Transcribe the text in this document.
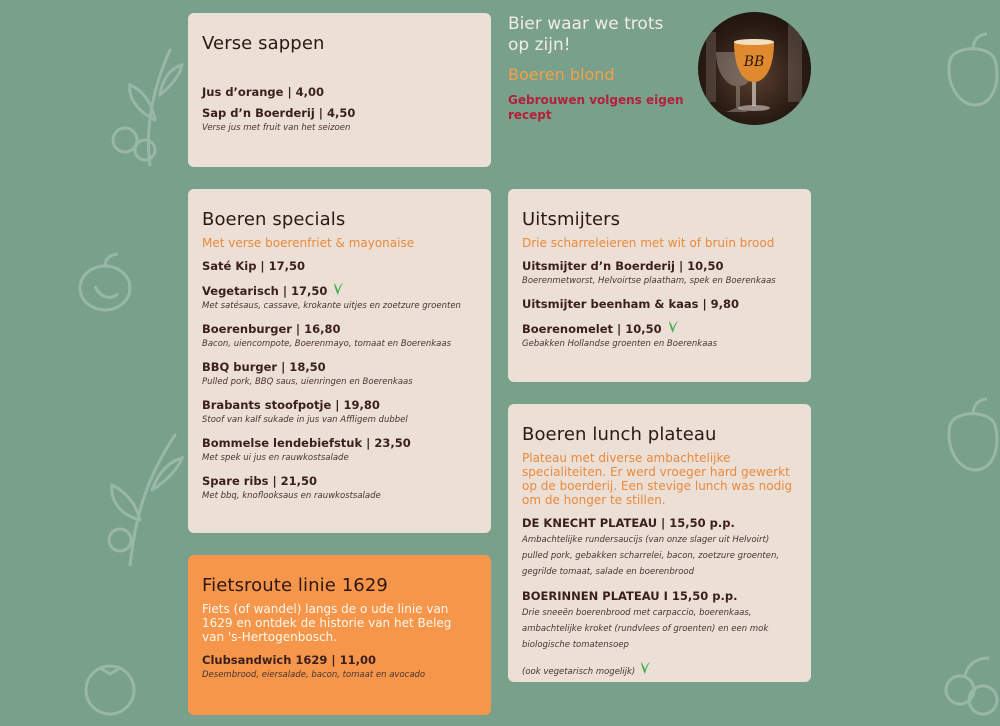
Verse sappen
Jus d’orange | 4,00
Sap d’n Boerderij | 4,50
Verse jus met fruit van het seizoen
Bier waar we trots op zijn!
Boeren blond
Gebrouwen volgens eigen recept
BB
Boeren specials
Met verse boerenfriet & mayonaise
Saté Kip | 17,50
Vegetarisch | 17,50
Met satésaus, cassave, krokante uitjes en zoetzure groenten
Boerenburger | 16,80
Bacon, uiencompote, Boerenmayo, tomaat en Boerenkaas
BBQ burger | 18,50
Pulled pork, BBQ saus, uienringen en Boerenkaas
Brabants stoofpotje | 19,80
Stoof van kalf sukade in jus van Affligem dubbel
Bommelse lendebiefstuk | 23,50
Met spek ui jus en rauwkostsalade
Spare ribs | 21,50
Met bbq, knoflooksaus en rauwkostsalade
Uitsmijters
Drie scharreleieren met wit of bruin brood
Uitsmijter d’n Boerderij | 10,50
Boerenmetworst, Helvoirtse plaatham, spek en Boerenkaas
Uitsmijter beenham & kaas | 9,80
Boerenomelet | 10,50
Gebakken Hollandse groenten en Boerenkaas
Boeren lunch plateau
Plateau met diverse ambachtelijke specialiteiten. Er werd vroeger hard gewerkt op de boerderij. Een stevige lunch was nodig om de honger te stillen.
DE KNECHT PLATEAU | 15,50 p.p.
Ambachtelijke rundersaucijs (van onze slager uit Helvoirt) pulled pork, gebakken scharrelei, bacon, zoetzure groenten, gegrilde tomaat, salade en boerenbrood
BOERINNEN PLATEAU I 15,50 p.p.
Drie sneeën boerenbrood met carpaccio, boerenkaas, ambachtelijke kroket (rundvlees of groenten) en een mok biologische tomatensoep
(ook vegetarisch mogelijk)
Fietsroute linie 1629
Fiets (of wandel) langs de o ude linie van 1629 en ontdek de historie van het Beleg van 's-Hertogenbosch.
Clubsandwich 1629 | 11,00
Desembrood, eiersalade, bacon, tomaat en avocado
